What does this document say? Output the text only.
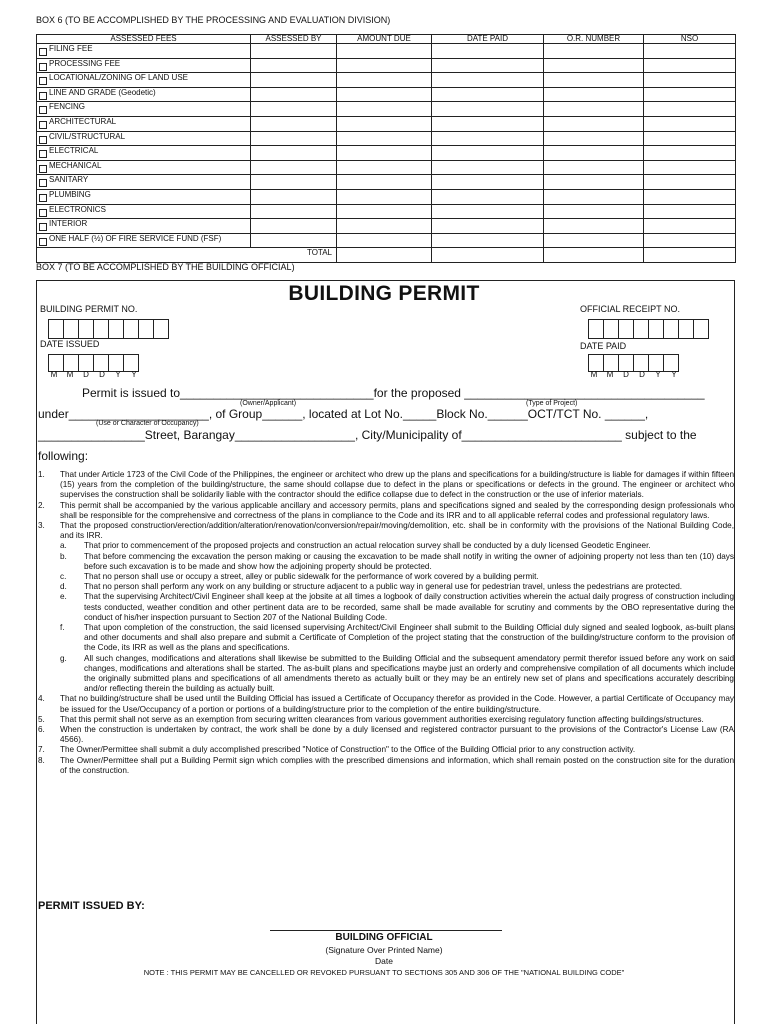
BOX 6 (TO BE ACCOMPLISHED BY THE PROCESSING AND EVALUATION DIVISION)
ASSESSED FEES	ASSESSED BY	AMOUNT DUE	DATE PAID	O.R. NUMBER	NSO

FILING FEE					

PROCESSING FEE					

LOCATIONAL/ZONING OF LAND USE					

LINE AND GRADE (Geodetic)					

FENCING					

ARCHITECTURAL					

CIVIL/STRUCTURAL					

ELECTRICAL					

MECHANICAL					

SANITARY					

PLUMBING					

ELECTRONICS					

INTERIOR					

ONE HALF (½) OF FIRE SERVICE FUND (FSF)					
TOTAL					
BOX 7 (TO BE ACCOMPLISHED BY THE BUILDING OFFICIAL)
BUILDING PERMIT
BUILDING PERMIT NO.	OFFICIAL RECEIPT NO.
DATE ISSUED
M M D D Y Y
DATE PAID
M M D D Y Y
Permit is issued to_____________________________for the proposed ____________________________________
(Owner/Applicant)	(Type of Project)
under_____________________, of Group______, located at Lot No._____Block No.______OCT/TCT No. ______,
(Use or Character of Occupancy)
________________Street, Barangay__________________, City/Municipality of________________________ subject to the
following:
1.	That under Article 1723 of the Civil Code of the Philippines, the engineer or architect who drew up the plans and specifications for a building/structure is liable for damages if within fifteen (15) years from the completion of the building/structure, the same should collapse due to defect in the plans or specifications or defects in the ground. The engineer or architect who supervises the construction shall be solidarily liable with the contractor should the edifice collapse due to defect in the construction or the use of inferior materials.
2.	This permit shall be accompanied by the various applicable ancillary and accessory permits, plans and specifications signed and sealed by the corresponding design professionals who shall be responsible for the comprehensive and correctness of the plans in compliance to the Code and its IRR and to all applicable referral codes and professional regulatory laws.
3.	That the proposed construction/erection/addition/alteration/renovation/conversion/repair/moving/demolition, etc. shall be in conformity with the provisions of the National Building Code, and its IRR.
a.	That prior to commencement of the proposed projects and construction an actual relocation survey shall be conducted by a duly licensed Geodetic Engineer.
b.	That before commencing the excavation the person making or causing the excavation to be made shall notify in writing the owner of adjoining property not less than ten (10) days before such excavation is to be made and show how the adjoining property should be protected.
c.	That no person shall use or occupy a street, alley or public sidewalk for the performance of work covered by a building permit.
d.	That no person shall perform any work on any building or structure adjacent to a public way in general use for pedestrian travel, unless the pedestrians are protected.
e.	That the supervising Architect/Civil Engineer shall keep at the jobsite at all times a logbook of daily construction activities wherein the actual daily progress of construction including tests conducted, weather condition and other pertinent data are to be recorded, same shall be made available for scrutiny and comments by the OBO representative during the conduct of his/her inspection pursuant to Section 207 of the National Building Code.
f.	That upon completion of the construction, the said licensed supervising Architect/Civil Engineer shall submit to the Building Official duly signed and sealed logbook, as-built plans and other documents and shall also prepare and submit a Certificate of Completion of the project stating that the construction of the building/structure conform to the provision of the Code, its IRR as well as the plans and specifications.
g.	All such changes, modifications and alterations shall likewise be submitted to the Building Official and the subsequent amendatory permit therefor issued before any work on said changes, modifications and alterations shall be started. The as-built plans and specifications maybe just an orderly and comprehensive compilation of all documents which include the originally submitted plans and specifications of all amendments thereto as actually built or they may be an entirely new set of plans and specifications accurately describing and/or reflecting therein the building as actually built.
4.	That no building/structure shall be used until the Building Official has issued a Certificate of Occupancy therefor as provided in the Code. However, a partial Certificate of Occupancy may be issued for the Use/Occupancy of a portion or portions of a building/structure prior to the completion of the entire building/structure.
5.	That this permit shall not serve as an exemption from securing written clearances from various government authorities exercising regulatory function affecting buildings/structures.
6.	When the construction is undertaken by contract, the work shall be done by a duly licensed and registered contractor pursuant to the provisions of the Contractor's License Law (RA 4566).
7.	The Owner/Permittee shall submit a duly accomplished prescribed "Notice of Construction" to the Office of the Building Official prior to any construction activity.
8.	The Owner/Permittee shall put a Building Permit sign which complies with the prescribed dimensions and information, which shall remain posted on the construction site for the duration of the construction.
PERMIT ISSUED BY:
BUILDING OFFICIAL
(Signature Over Printed Name)
Date
NOTE : THIS PERMIT MAY BE CANCELLED OR REVOKED PURSUANT TO SECTIONS 305 AND 306 OF THE "NATIONAL BUILDING CODE"
